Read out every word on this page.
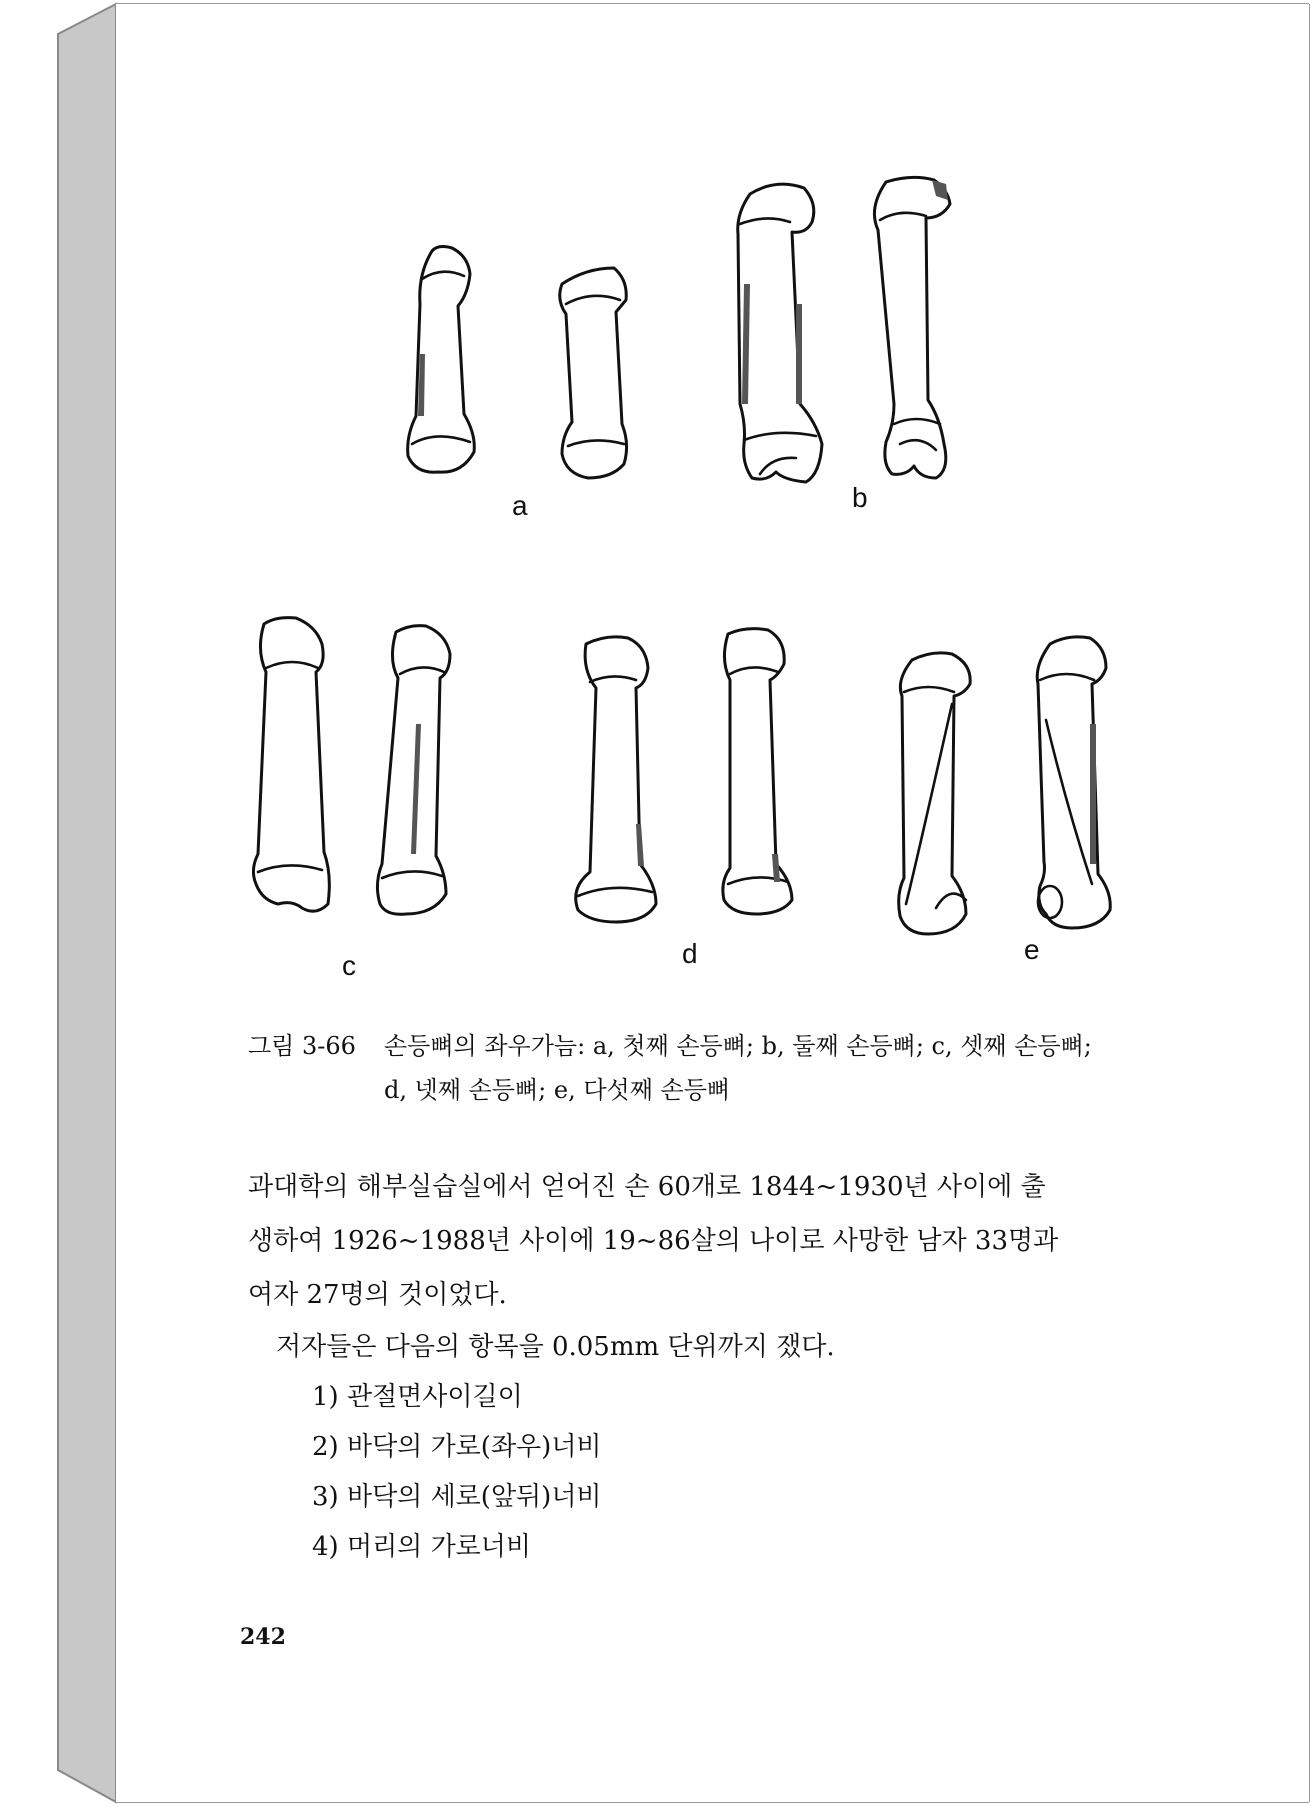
a	b
c	d	e
그림 3-66 손등뼈의 좌우가늠: a, 첫째 손등뼈; b, 둘째 손등뼈; c, 셋째 손등뼈;
d, 넷째 손등뼈; e, 다섯째 손등뼈
과대학의 해부실습실에서 얻어진 손 60개로 1844~1930년 사이에 출
생하여 1926~1988년 사이에 19~86살의 나이로 사망한 남자 33명과
여자 27명의 것이었다.
저자들은 다음의 항목을 0.05mm 단위까지 쟀다.
1) 관절면사이길이
2) 바닥의 가로(좌우)너비
3) 바닥의 세로(앞뒤)너비
4) 머리의 가로너비
242
